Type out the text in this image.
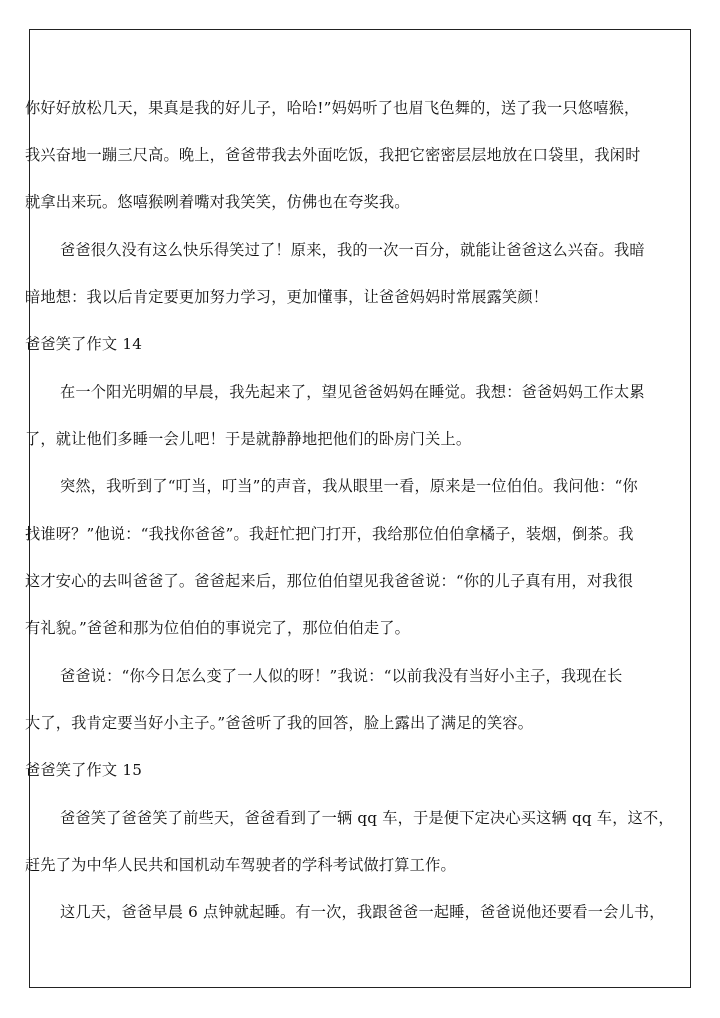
你好好放松几天，果真是我的好儿子，哈哈!”妈妈听了也眉飞色舞的，送了我一只悠嘻猴，
我兴奋地一蹦三尺高。晚上，爸爸带我去外面吃饭，我把它密密层层地放在口袋里，我闲时
就拿出来玩。悠嘻猴咧着嘴对我笑笑，仿佛也在夸奖我。
爸爸很久没有这么快乐得笑过了！原来，我的一次一百分，就能让爸爸这么兴奋。我暗
暗地想：我以后肯定要更加努力学习，更加懂事，让爸爸妈妈时常展露笑颜！
爸爸笑了作文 14
在一个阳光明媚的早晨，我先起来了，望见爸爸妈妈在睡觉。我想：爸爸妈妈工作太累
了，就让他们多睡一会儿吧！于是就静静地把他们的卧房门关上。
突然，我听到了“叮当，叮当”的声音，我从眼里一看，原来是一位伯伯。我问他：“你
找谁呀？”他说：“我找你爸爸”。我赶忙把门打开，我给那位伯伯拿橘子，装烟，倒茶。我
这才安心的去叫爸爸了。爸爸起来后，那位伯伯望见我爸爸说：“你的儿子真有用，对我很
有礼貌。”爸爸和那为位伯伯的事说完了，那位伯伯走了。
爸爸说：“你今日怎么变了一人似的呀！”我说：“以前我没有当好小主子，我现在长
大了，我肯定要当好小主子。”爸爸听了我的回答，脸上露出了满足的笑容。
爸爸笑了作文 15
爸爸笑了爸爸笑了前些天，爸爸看到了一辆 qq 车，于是便下定决心买这辆 qq 车，这不，
赶先了为中华人民共和国机动车驾驶者的学科考试做打算工作。
这几天，爸爸早晨 6 点钟就起睡。有一次，我跟爸爸一起睡，爸爸说他还要看一会儿书，
